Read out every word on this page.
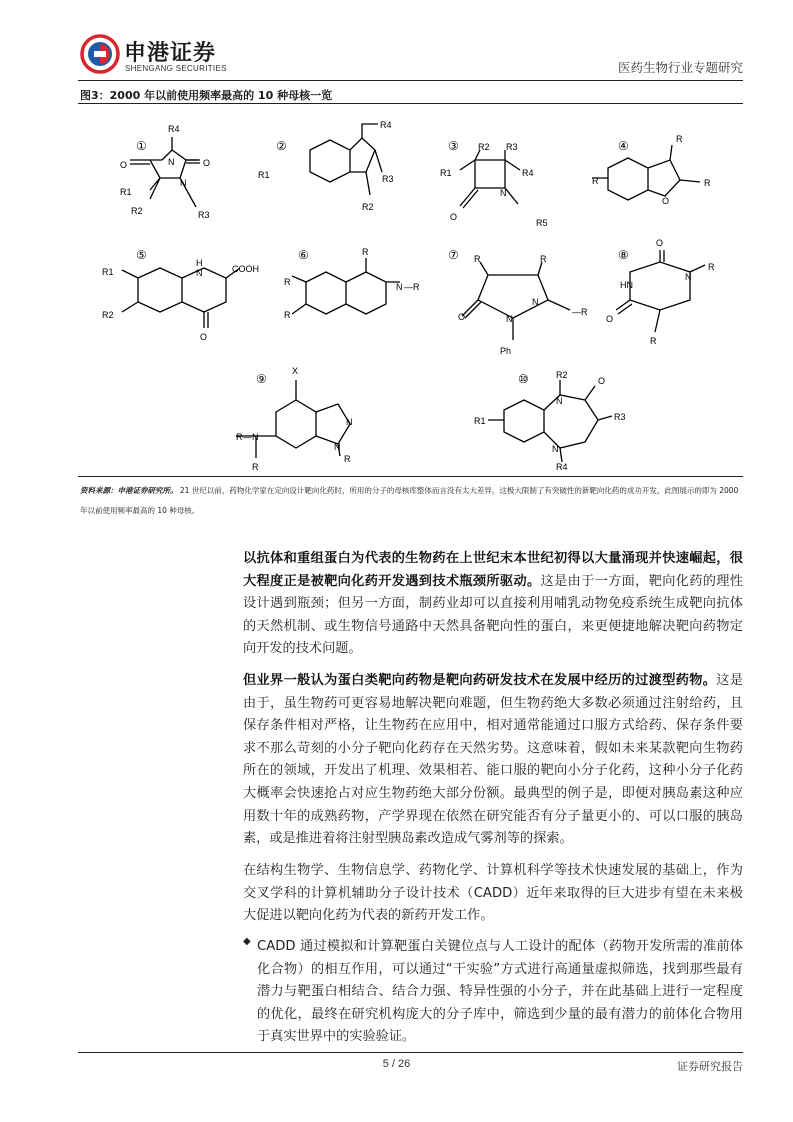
申港证券
SHENGANG SECURITIES	医药生物行业专题研究
图3：2000 年以前使用频率最高的 10 种母核一览
①	②	③	④
⑤	⑥	⑦	⑧
⑨	⑩
R4
N
N
O	O
R1
R2	R3
R4
R1	R3
R2
R2 R3
R1	R4
N
O
R5
R
R	R
O
H
N	COOH
R1
R2
O
R
N —R
R
R
R	R
N
N
—R
O
Ph
O
HN
N
R
O
R
X
N
R— N
R
N
R
R2
N
O
R3
R1
N
R4
资料来源：申港证券研究所。 21 世纪以前，药物化学家在定向设计靶向化药时，所用的分子的母核库整体而言没有太大差异，这极大限制了有突破性的新靶向化药的成功开发，此图展示的即为 2000 年以前使用频率最高的 10 种母核。
以抗体和重组蛋白为代表的生物药在上世纪末本世纪初得以大量涌现并快速崛起，很大程度正是被靶向化药开发遇到技术瓶颈所驱动。这是由于一方面，靶向化药的理性设计遇到瓶颈；但另一方面，制药业却可以直接利用哺乳动物免疫系统生成靶向抗体的天然机制、或生物信号通路中天然具备靶向性的蛋白，来更便捷地解决靶向药物定向开发的技术问题。
但业界一般认为蛋白类靶向药物是靶向药研发技术在发展中经历的过渡型药物。这是由于，虽生物药可更容易地解决靶向难题，但生物药绝大多数必须通过注射给药，且保存条件相对严格，让生物药在应用中，相对通常能通过口服方式给药、保存条件要求不那么苛刻的小分子靶向化药存在天然劣势。这意味着，假如未来某款靶向生物药所在的领域，开发出了机理、效果相若、能口服的靶向小分子化药，这种小分子化药大概率会快速抢占对应生物药绝大部分份额。最典型的例子是，即便对胰岛素这种应用数十年的成熟药物，产学界现在依然在研究能否有分子量更小的、可以口服的胰岛素，或是推进着将注射型胰岛素改造成气雾剂等的探索。
在结构生物学、生物信息学、药物化学、计算机科学等技术快速发展的基础上，作为交叉学科的计算机辅助分子设计技术（CADD）近年来取得的巨大进步有望在未来极大促进以靶向化药为代表的新药开发工作。
◆ CADD 通过模拟和计算靶蛋白关键位点与人工设计的配体（药物开发所需的准前体化合物）的相互作用，可以通过“干实验”方式进行高通量虚拟筛选，找到那些最有潜力与靶蛋白相结合、结合力强、特异性强的小分子，并在此基础上进行一定程度的优化，最终在研究机构庞大的分子库中，筛选到少量的最有潜力的前体化合物用于真实世界中的实验验证。
5 / 26	证券研究报告
